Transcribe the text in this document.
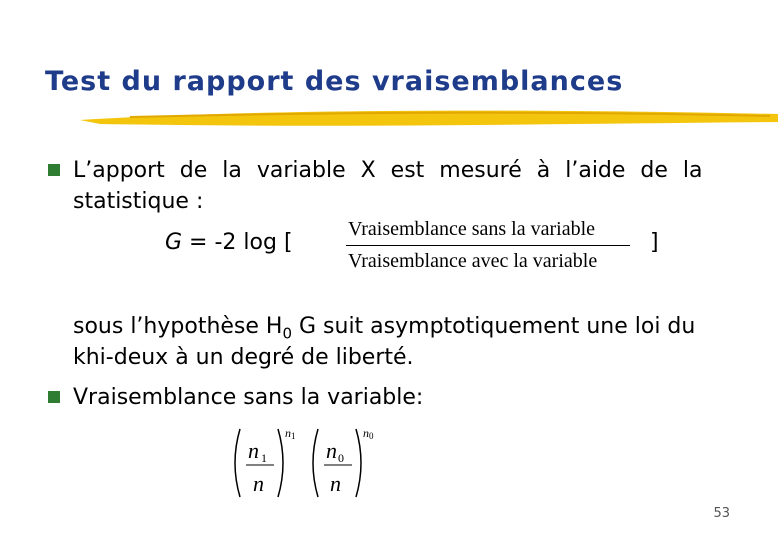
Test du rapport des vraisemblances
L’apport de la variable X est mesuré à l’aide de la
statistique :
G = -2 log [
Vraisemblance sans la variable
Vraisemblance avec la variable
]
sous l’hypothèse $H_0$ G suit asymptotiquement une loi du
khi-deux à un degré de liberté.
Vraisemblance sans la variable:
n 1
n
n 1
n 0
n
n 0
53
